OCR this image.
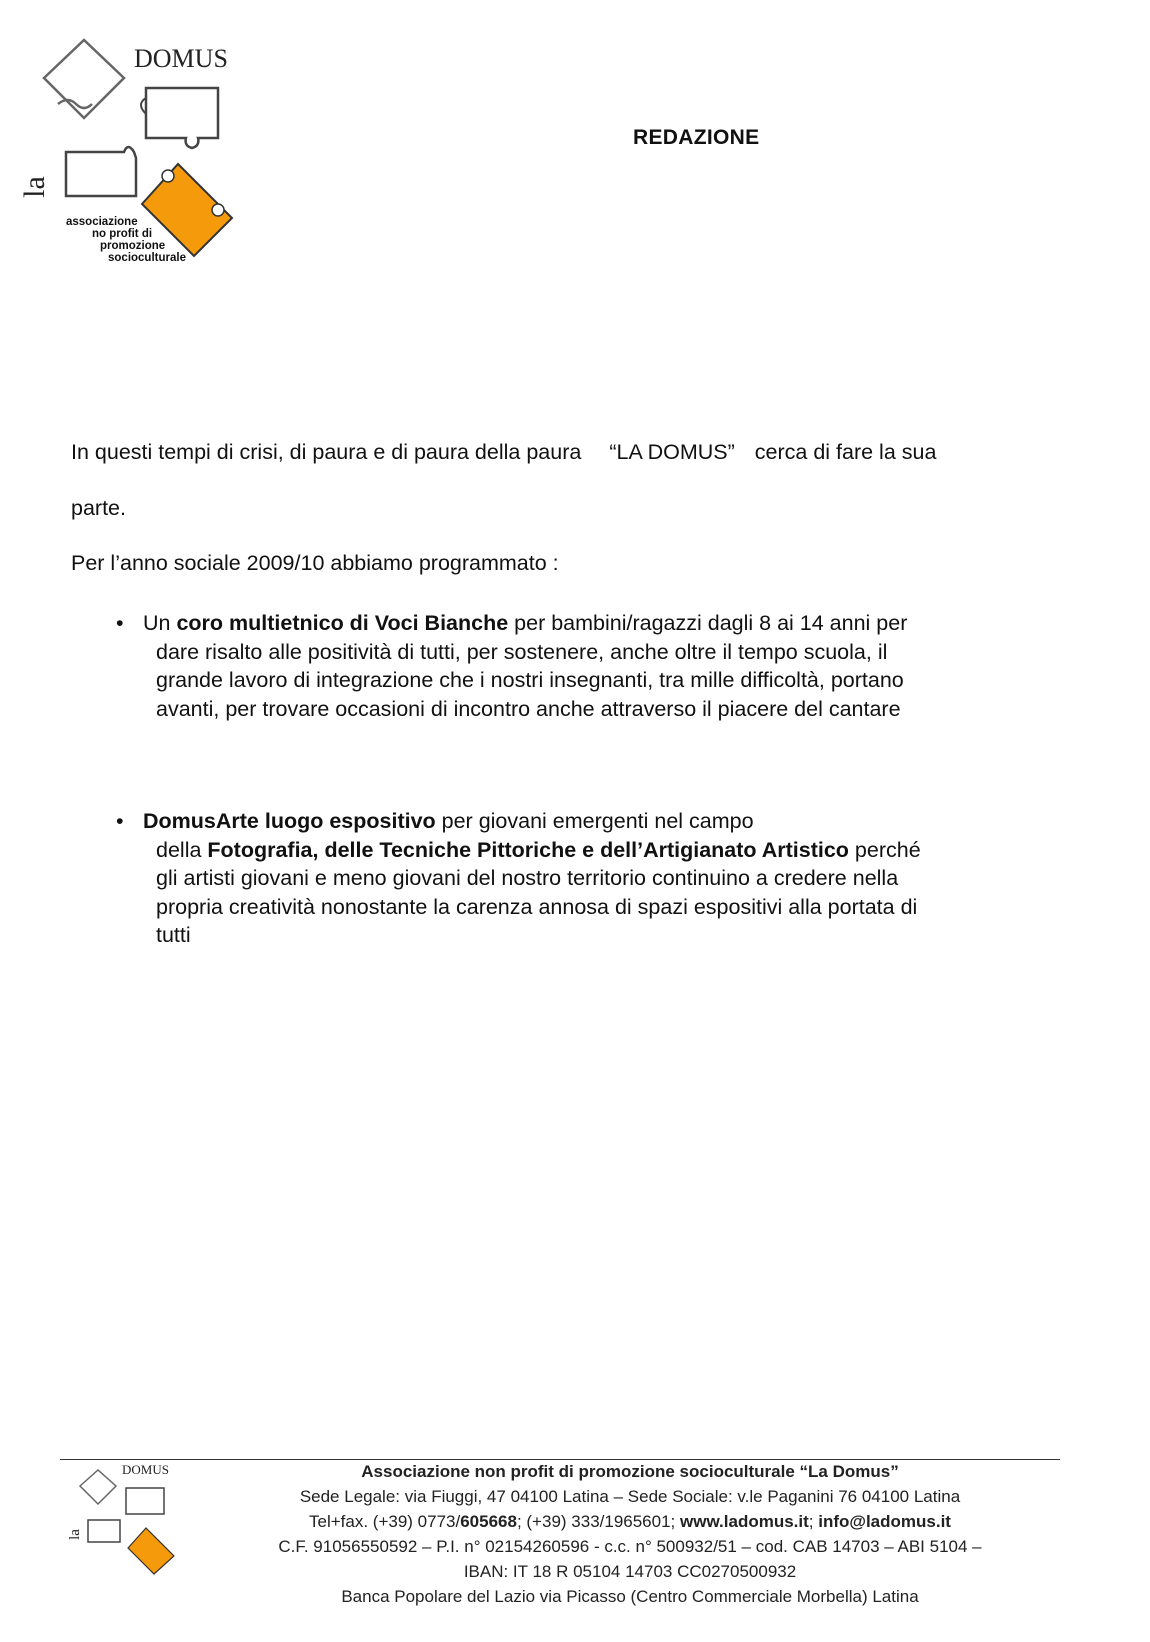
DOMUS
la
associazione
no profit di
promozione
socioculturale
REDAZIONE
In questi tempi di crisi, di paura e di paura della paura “LA DOMUS” cerca di fare la sua
parte.
Per l’anno sociale 2009/10 abbiamo programmato :
• Un coro multietnico di Voci Bianche per bambini/ragazzi dagli 8 ai 14 anni per
dare risalto alle positività di tutti, per sostenere, anche oltre il tempo scuola, il
grande lavoro di integrazione che i nostri insegnanti, tra mille difficoltà, portano
avanti, per trovare occasioni di incontro anche attraverso il piacere del cantare
• DomusArte luogo espositivo per giovani emergenti nel campo
della Fotografia, delle Tecniche Pittoriche e dell’Artigianato Artistico perché
gli artisti giovani e meno giovani del nostro territorio continuino a credere nella
propria creatività nonostante la carenza annosa di spazi espositivi alla portata di
tutti
DOMUS
la
Associazione non profit di promozione socioculturale “La Domus”
Sede Legale: via Fiuggi, 47 04100 Latina – Sede Sociale: v.le Paganini 76 04100 Latina
Tel+fax. (+39) 0773/605668; (+39) 333/1965601; www.ladomus.it; info@ladomus.it
C.F. 91056550592 – P.I. n° 02154260596 - c.c. n° 500932/51 – cod. CAB 14703 – ABI 5104 –
IBAN: IT 18 R 05104 14703 CC0270500932
Banca Popolare del Lazio via Picasso (Centro Commerciale Morbella) Latina
